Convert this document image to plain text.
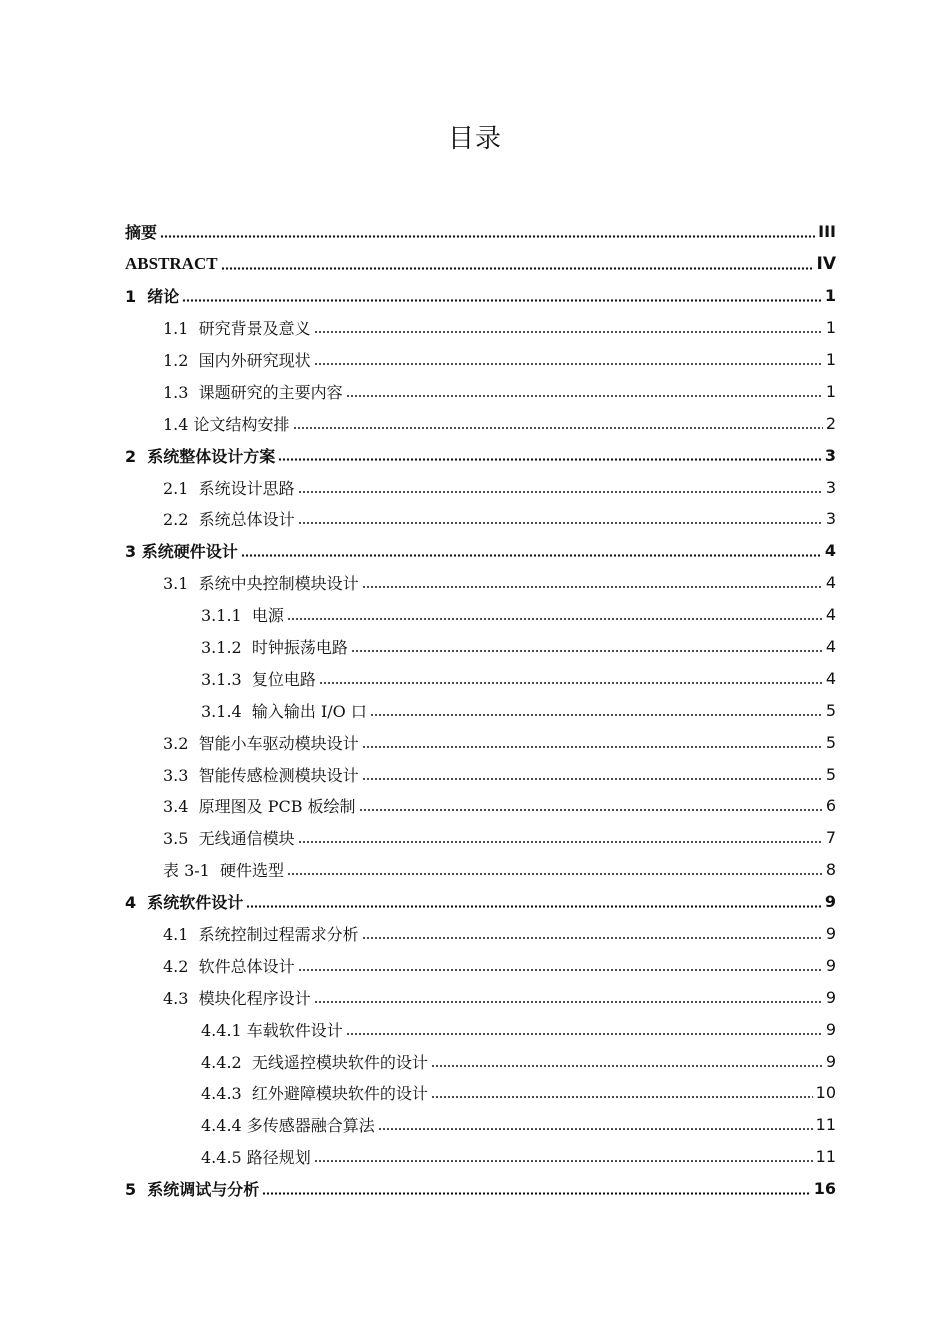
目录
摘要	III
ABSTRACT	IV
1  绪论	1
1.1  研究背景及意义	1
1.2  国内外研究现状	1
1.3  课题研究的主要内容	1
1.4 论文结构安排	2
2  系统整体设计方案	3
2.1  系统设计思路	3
2.2  系统总体设计	3
3 系统硬件设计	4
3.1  系统中央控制模块设计	4
3.1.1  电源	4
3.1.2  时钟振荡电路	4
3.1.3  复位电路	4
3.1.4  输入输出 I/O 口	5
3.2  智能小车驱动模块设计	5
3.3  智能传感检测模块设计	5
3.4  原理图及 PCB 板绘制	6
3.5  无线通信模块	7
表 3-1  硬件选型	8
4  系统软件设计	9
4.1  系统控制过程需求分析	9
4.2  软件总体设计	9
4.3  模块化程序设计	9
4.4.1 车载软件设计	9
4.4.2  无线遥控模块软件的设计	9
4.4.3  红外避障模块软件的设计	10
4.4.4 多传感器融合算法	11
4.4.5 路径规划	11
5  系统调试与分析	16
